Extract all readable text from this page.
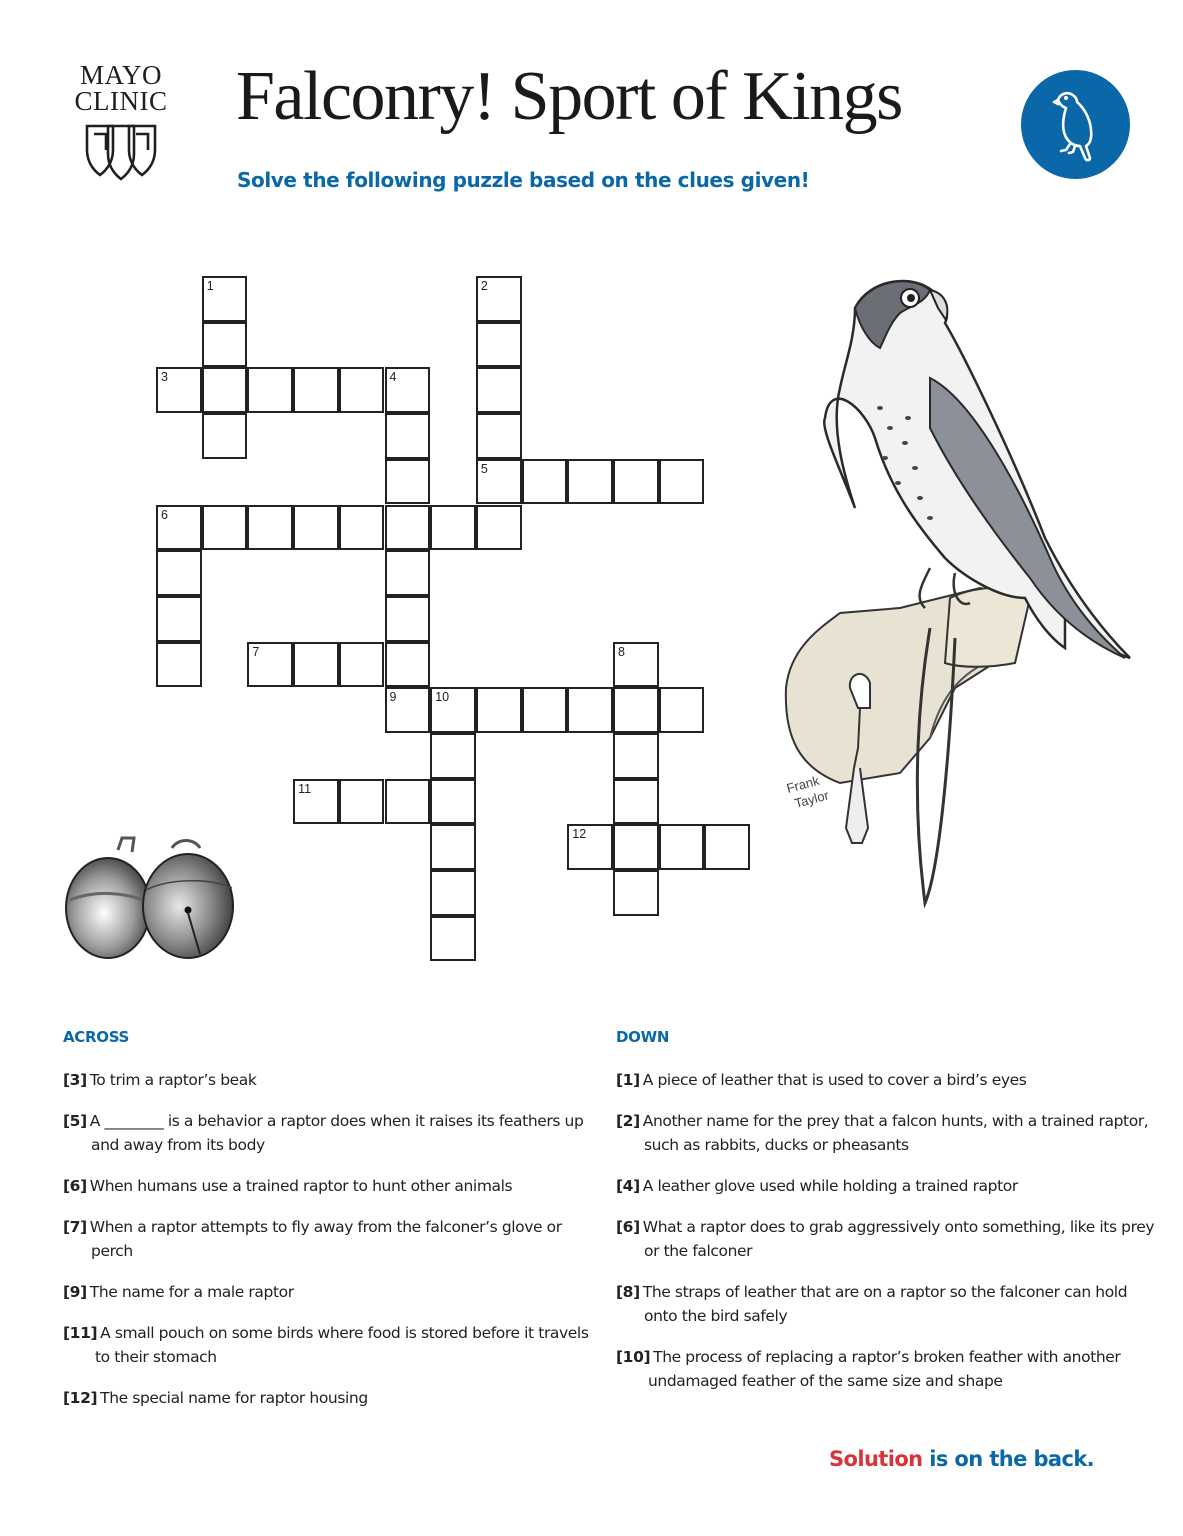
MAYO
CLINIC Falconry! Sport of Kings
Solve the following puzzle based on the clues given!
1	2
5
3	4
6
7	8
9	10
11
12
Frank
Taylor
ACROSS
[3] To trim a raptor’s beak
[5] A ________ is a behavior a raptor does when it raises its feathers up and away from its body
[6] When humans use a trained raptor to hunt other animals
[7] When a raptor attempts to fly away from the falconer’s glove or perch
[9] The name for a male raptor
[11] A small pouch on some birds where food is stored before it travels to their stomach
[12] The special name for raptor housing
DOWN
[1] A piece of leather that is used to cover a bird’s eyes
[2] Another name for the prey that a falcon hunts, with a trained raptor, such as rabbits, ducks or pheasants
[4] A leather glove used while holding a trained raptor
[6] What a raptor does to grab aggressively onto something, like its prey or the falconer
[8] The straps of leather that are on a raptor so the falconer can hold onto the bird safely
[10] The process of replacing a raptor’s broken feather with another undamaged feather of the same size and shape
Solution is on the back.
